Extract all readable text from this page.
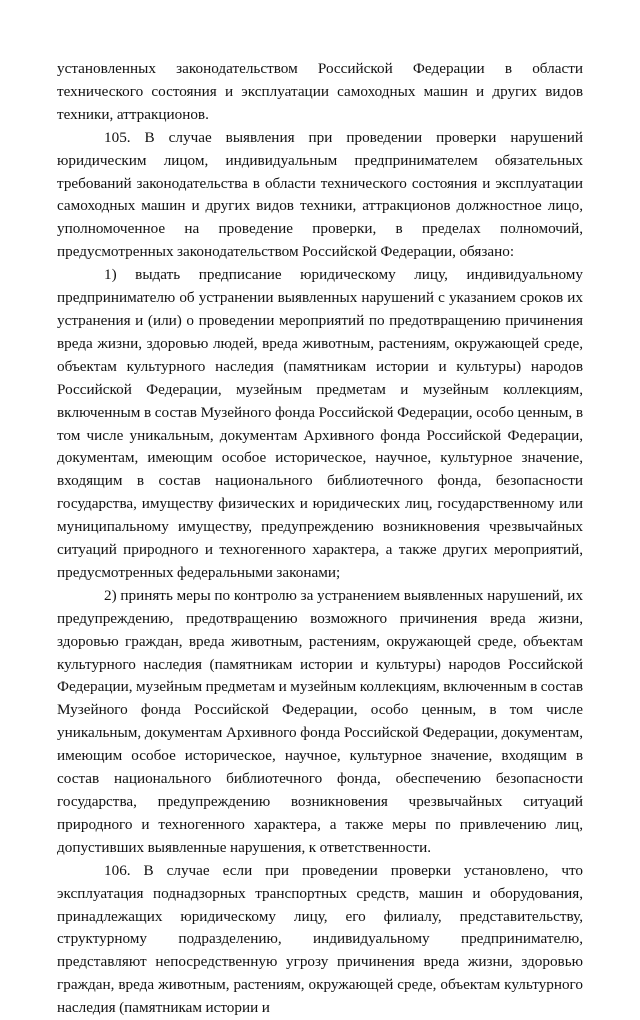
установленных законодательством Российской Федерации в области технического состояния и эксплуатации самоходных машин и других видов техники, аттракционов.

105. В случае выявления при проведении проверки нарушений юридическим лицом, индивидуальным предпринимателем обязательных требований законодательства в области технического состояния и эксплуатации самоходных машин и других видов техники, аттракционов должностное лицо, уполномоченное на проведение проверки, в пределах полномочий, предусмотренных законодательством Российской Федерации, обязано:

1) выдать предписание юридическому лицу, индивидуальному предпринимателю об устранении выявленных нарушений с указанием сроков их устранения и (или) о проведении мероприятий по предотвращению причинения вреда жизни, здоровью людей, вреда животным, растениям, окружающей среде, объектам культурного наследия (памятникам истории и культуры) народов Российской Федерации, музейным предметам и музейным коллекциям, включенным в состав Музейного фонда Российской Федерации, особо ценным, в том числе уникальным, документам Архивного фонда Российской Федерации, документам, имеющим особое историческое, научное, культурное значение, входящим в состав национального библиотечного фонда, безопасности государства, имуществу физических и юридических лиц, государственному или муниципальному имуществу, предупреждению возникновения чрезвычайных ситуаций природного и техногенного характера, а также других мероприятий, предусмотренных федеральными законами;

2) принять меры по контролю за устранением выявленных нарушений, их предупреждению, предотвращению возможного причинения вреда жизни, здоровью граждан, вреда животным, растениям, окружающей среде, объектам культурного наследия (памятникам истории и культуры) народов Российской Федерации, музейным предметам и музейным коллекциям, включенным в состав Музейного фонда Российской Федерации, особо ценным, в том числе уникальным, документам Архивного фонда Российской Федерации, документам, имеющим особое историческое, научное, культурное значение, входящим в состав национального библиотечного фонда, обеспечению безопасности государства, предупреждению возникновения чрезвычайных ситуаций природного и техногенного характера, а также меры по привлечению лиц, допустивших выявленные нарушения, к ответственности.

106. В случае если при проведении проверки установлено, что эксплуатация поднадзорных транспортных средств, машин и оборудования, принадлежащих юридическому лицу, его филиалу, представительству, структурному подразделению, индивидуальному предпринимателю, представляют непосредственную угрозу причинения вреда жизни, здоровью граждан, вреда животным, растениям, окружающей среде, объектам культурного наследия (памятникам истории и
